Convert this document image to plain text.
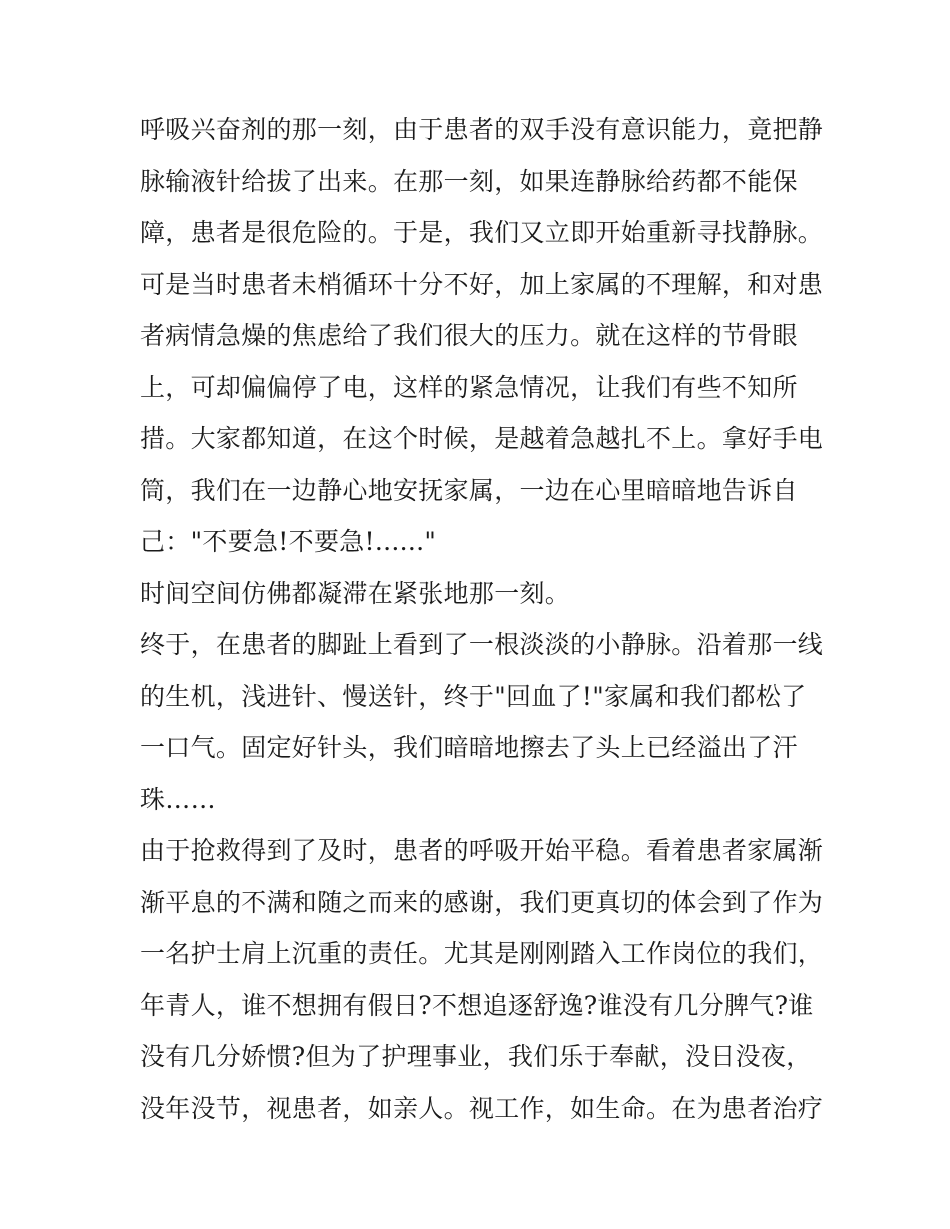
呼吸兴奋剂的那一刻，由于患者的双手没有意识能力，竟把静
脉输液针给拔了出来。在那一刻，如果连静脉给药都不能保
障，患者是很危险的。于是，我们又立即开始重新寻找静脉。
可是当时患者未梢循环十分不好，加上家属的不理解，和对患
者病情急燥的焦虑给了我们很大的压力。就在这样的节骨眼
上，可却偏偏停了电，这样的紧急情况，让我们有些不知所
措。大家都知道，在这个时候，是越着急越扎不上。拿好手电
筒，我们在一边静心地安抚家属，一边在心里暗暗地告诉自
己："不要急!不要急!......"
时间空间仿佛都凝滞在紧张地那一刻。
终于，在患者的脚趾上看到了一根淡淡的小静脉。沿着那一线
的生机，浅进针、慢送针，终于"回血了!"家属和我们都松了
一口气。固定好针头，我们暗暗地擦去了头上已经溢出了汗
珠……
由于抢救得到了及时，患者的呼吸开始平稳。看着患者家属渐
渐平息的不满和随之而来的感谢，我们更真切的体会到了作为
一名护士肩上沉重的责任。尤其是刚刚踏入工作岗位的我们，
年青人，谁不想拥有假日?不想追逐舒逸?谁没有几分脾气?谁
没有几分娇惯?但为了护理事业，我们乐于奉献，没日没夜，
没年没节，视患者，如亲人。视工作，如生命。在为患者治疗
